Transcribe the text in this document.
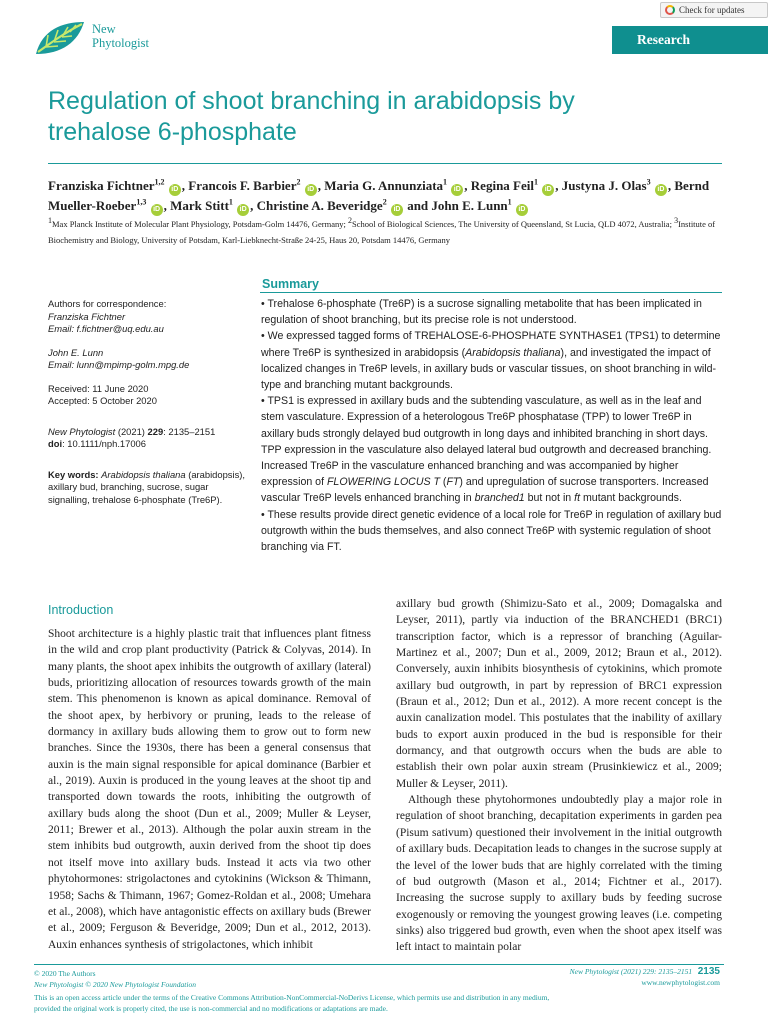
New
Phytologist
Check for updates
Research
Regulation of shoot branching in arabidopsis by trehalose 6-phosphate
Franziska Fichtner$^{1,2}$ iD , Francois F. Barbier$^2$ iD , Maria G. Annunziata$^1$ iD , Regina Feil$^1$ iD , Justyna J. Olas$^3$ iD , Bernd Mueller-Roeber$^{1,3}$ iD , Mark Stitt$^1$ iD , Christine A. Beveridge$^2$ iD and John E. Lunn$^1$ iD
$^1$Max Planck Institute of Molecular Plant Physiology, Potsdam-Golm 14476, Germany; $^2$School of Biological Sciences, The University of Queensland, St Lucia, QLD 4072, Australia; $^3$Institute of Biochemistry and Biology, University of Potsdam, Karl-Liebknecht-Straße 24-25, Haus 20, Potsdam 14476, Germany
Summary

Authors for correspondence:
Franziska Fichtner
Email: f.fichtner@uq.edu.au

John E. Lunn
Email: lunn@mpimp-golm.mpg.de

Received: 11 June 2020
Accepted: 5 October 2020

New Phytologist (2021) 229: 2135–2151
doi: 10.1111/nph.17006

Key words: Arabidopsis thaliana (arabidopsis), axillary bud, branching, sucrose, sugar signalling, trehalose 6-phosphate (Tre6P).

• Trehalose 6-phosphate (Tre6P) is a sucrose signalling metabolite that has been implicated in regulation of shoot branching, but its precise role is not understood.
• We expressed tagged forms of TREHALOSE-6-PHOSPHATE SYNTHASE1 (TPS1) to determine where Tre6P is synthesized in arabidopsis (Arabidopsis thaliana), and investigated the impact of localized changes in Tre6P levels, in axillary buds or vascular tissues, on shoot branching in wild-type and branching mutant backgrounds.
• TPS1 is expressed in axillary buds and the subtending vasculature, as well as in the leaf and stem vasculature. Expression of a heterologous Tre6P phosphatase (TPP) to lower Tre6P in axillary buds strongly delayed bud outgrowth in long days and inhibited branching in short days. TPP expression in the vasculature also delayed lateral bud outgrowth and decreased branching. Increased Tre6P in the vasculature enhanced branching and was accompanied by higher expression of FLOWERING LOCUS T (FT) and upregulation of sucrose transporters. Increased vascular Tre6P levels enhanced branching in branched1 but not in ft mutant backgrounds.
• These results provide direct genetic evidence of a local role for Tre6P in regulation of axillary bud outgrowth within the buds themselves, and also connect Tre6P with systemic regulation of shoot branching via FT.
Introduction

Shoot architecture is a highly plastic trait that influences plant fitness in the wild and crop plant productivity (Patrick & Colyvas, 2014). In many plants, the shoot apex inhibits the outgrowth of axillary (lateral) buds, prioritizing allocation of resources towards growth of the main stem. This phenomenon is known as apical dominance. Removal of the shoot apex, by herbivory or pruning, leads to the release of dormancy in axillary buds allowing them to grow out to form new branches. Since the 1930s, there has been a general consensus that auxin is the main signal responsible for apical dominance (Barbier et al., 2019). Auxin is produced in the young leaves at the shoot tip and transported down towards the roots, inhibiting the outgrowth of axillary buds along the shoot (Dun et al., 2009; Muller & Leyser, 2011; Brewer et al., 2013). Although the polar auxin stream in the stem inhibits bud outgrowth, auxin derived from the shoot tip does not itself move into axillary buds. Instead it acts via two other phytohormones: strigolactones and cytokinins (Wickson & Thimann, 1958; Sachs & Thimann, 1967; Gomez-Roldan et al., 2008; Umehara et al., 2008), which have antagonistic effects on axillary buds (Brewer et al., 2009; Ferguson & Beveridge, 2009; Dun et al., 2012, 2013). Auxin enhances synthesis of strigolactones, which inhibit

axillary bud growth (Shimizu-Sato et al., 2009; Domagalska and Leyser, 2011), partly via induction of the BRANCHED1 (BRC1) transcription factor, which is a repressor of branching (Aguilar-Martinez et al., 2007; Dun et al., 2009, 2012; Braun et al., 2012). Conversely, auxin inhibits biosynthesis of cytokinins, which promote axillary bud outgrowth, in part by repression of BRC1 expression (Braun et al., 2012; Dun et al., 2012). A more recent concept is the auxin canalization model. This postulates that the inability of axillary buds to export auxin produced in the bud is responsible for their dormancy, and that outgrowth occurs when the buds are able to establish their own polar auxin stream (Prusinkiewicz et al., 2009; Muller & Leyser, 2011).

Although these phytohormones undoubtedly play a major role in regulation of shoot branching, decapitation experiments in garden pea (Pisum sativum) questioned their involvement in the initial outgrowth of axillary buds. Decapitation leads to changes in the sucrose supply at the level of the lower buds that are highly correlated with the timing of bud outgrowth (Mason et al., 2014; Fichtner et al., 2017). Increasing the sucrose supply to axillary buds by feeding sucrose exogenously or removing the youngest growing leaves (i.e. competing sinks) also triggered bud growth, even when the shoot apex itself was left intact to maintain polar

© 2020 The Authors
New Phytologist © 2020 New Phytologist Foundation
New Phytologist (2021) 229: 2135–2151 2135
www.newphytologist.com
This is an open access article under the terms of the Creative Commons Attribution-NonCommercial-NoDerivs License, which permits use and distribution in any medium, provided the original work is properly cited, the use is non-commercial and no modifications or adaptations are made.
